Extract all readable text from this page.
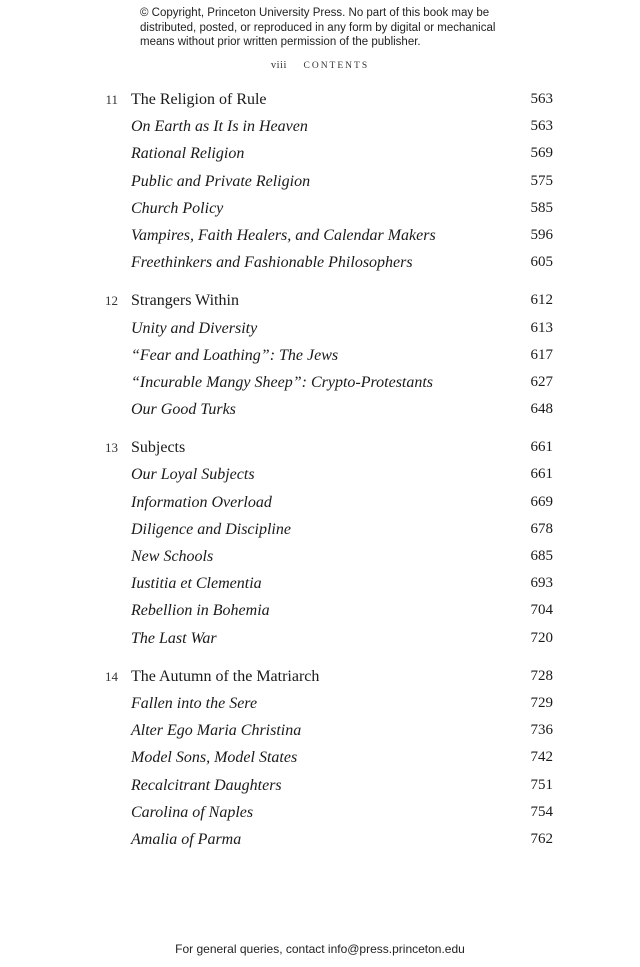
© Copyright, Princeton University Press. No part of this book may be
distributed, posted, or reproduced in any form by digital or mechanical
means without prior written permission of the publisher.
viii CONTENTS
11 The Religion of Rule	563
On Earth as It Is in Heaven	563
Rational Religion	569
Public and Private Religion	575
Church Policy	585
Vampires, Faith Healers, and Calendar Makers	596
Freethinkers and Fashionable Philosophers	605
12 Strangers Within	612
Unity and Diversity	613
“Fear and Loathing”: The Jews	617
“Incurable Mangy Sheep”: Crypto-Protestants	627
Our Good Turks	648
13 Subjects	661
Our Loyal Subjects	661
Information Overload	669
Diligence and Discipline	678
New Schools	685
Iustitia et Clementia	693
Rebellion in Bohemia	704
The Last War	720
14 The Autumn of the Matriarch	728
Fallen into the Sere	729
Alter Ego Maria Christina	736
Model Sons, Model States	742
Recalcitrant Daughters	751
Carolina of Naples	754
Amalia of Parma	762
For general queries, contact info@press.princeton.edu
